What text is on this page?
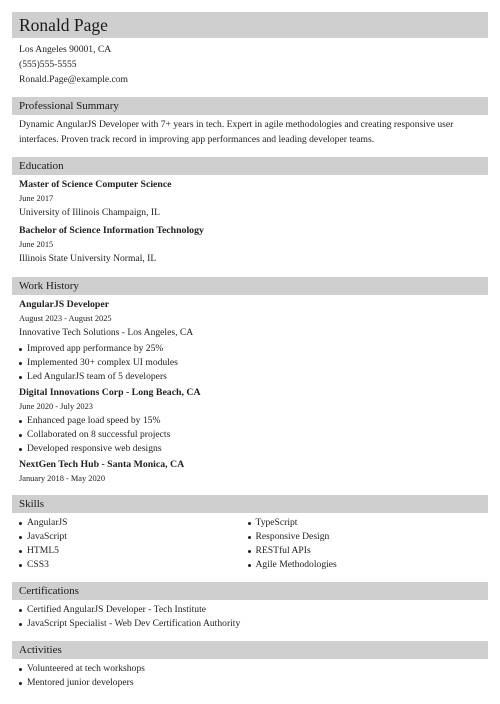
Ronald Page
Los Angeles 90001, CA
(555)555-5555
Ronald.Page@example.com
Professional Summary
Dynamic AngularJS Developer with 7+ years in tech. Expert in agile methodologies and creating responsive user interfaces. Proven track record in improving app performances and leading developer teams.
Education
Master of Science Computer Science
June 2017
University of Illinois Champaign, IL
Bachelor of Science Information Technology
June 2015
Illinois State University Normal, IL
Work History
AngularJS Developer
August 2023 - August 2025
Innovative Tech Solutions - Los Angeles, CA
Improved app performance by 25%
Implemented 30+ complex UI modules
Led AngularJS team of 5 developers
Digital Innovations Corp - Long Beach, CA
June 2020 - July 2023
Enhanced page load speed by 15%
Collaborated on 8 successful projects
Developed responsive web designs
NextGen Tech Hub - Santa Monica, CA
January 2018 - May 2020
Skills
AngularJS
JavaScript
HTML5
CSS3
TypeScript
Responsive Design
RESTful APIs
Agile Methodologies
Certifications
Certified AngularJS Developer - Tech Institute
JavaScript Specialist - Web Dev Certification Authority
Activities
Volunteered at tech workshops
Mentored junior developers
